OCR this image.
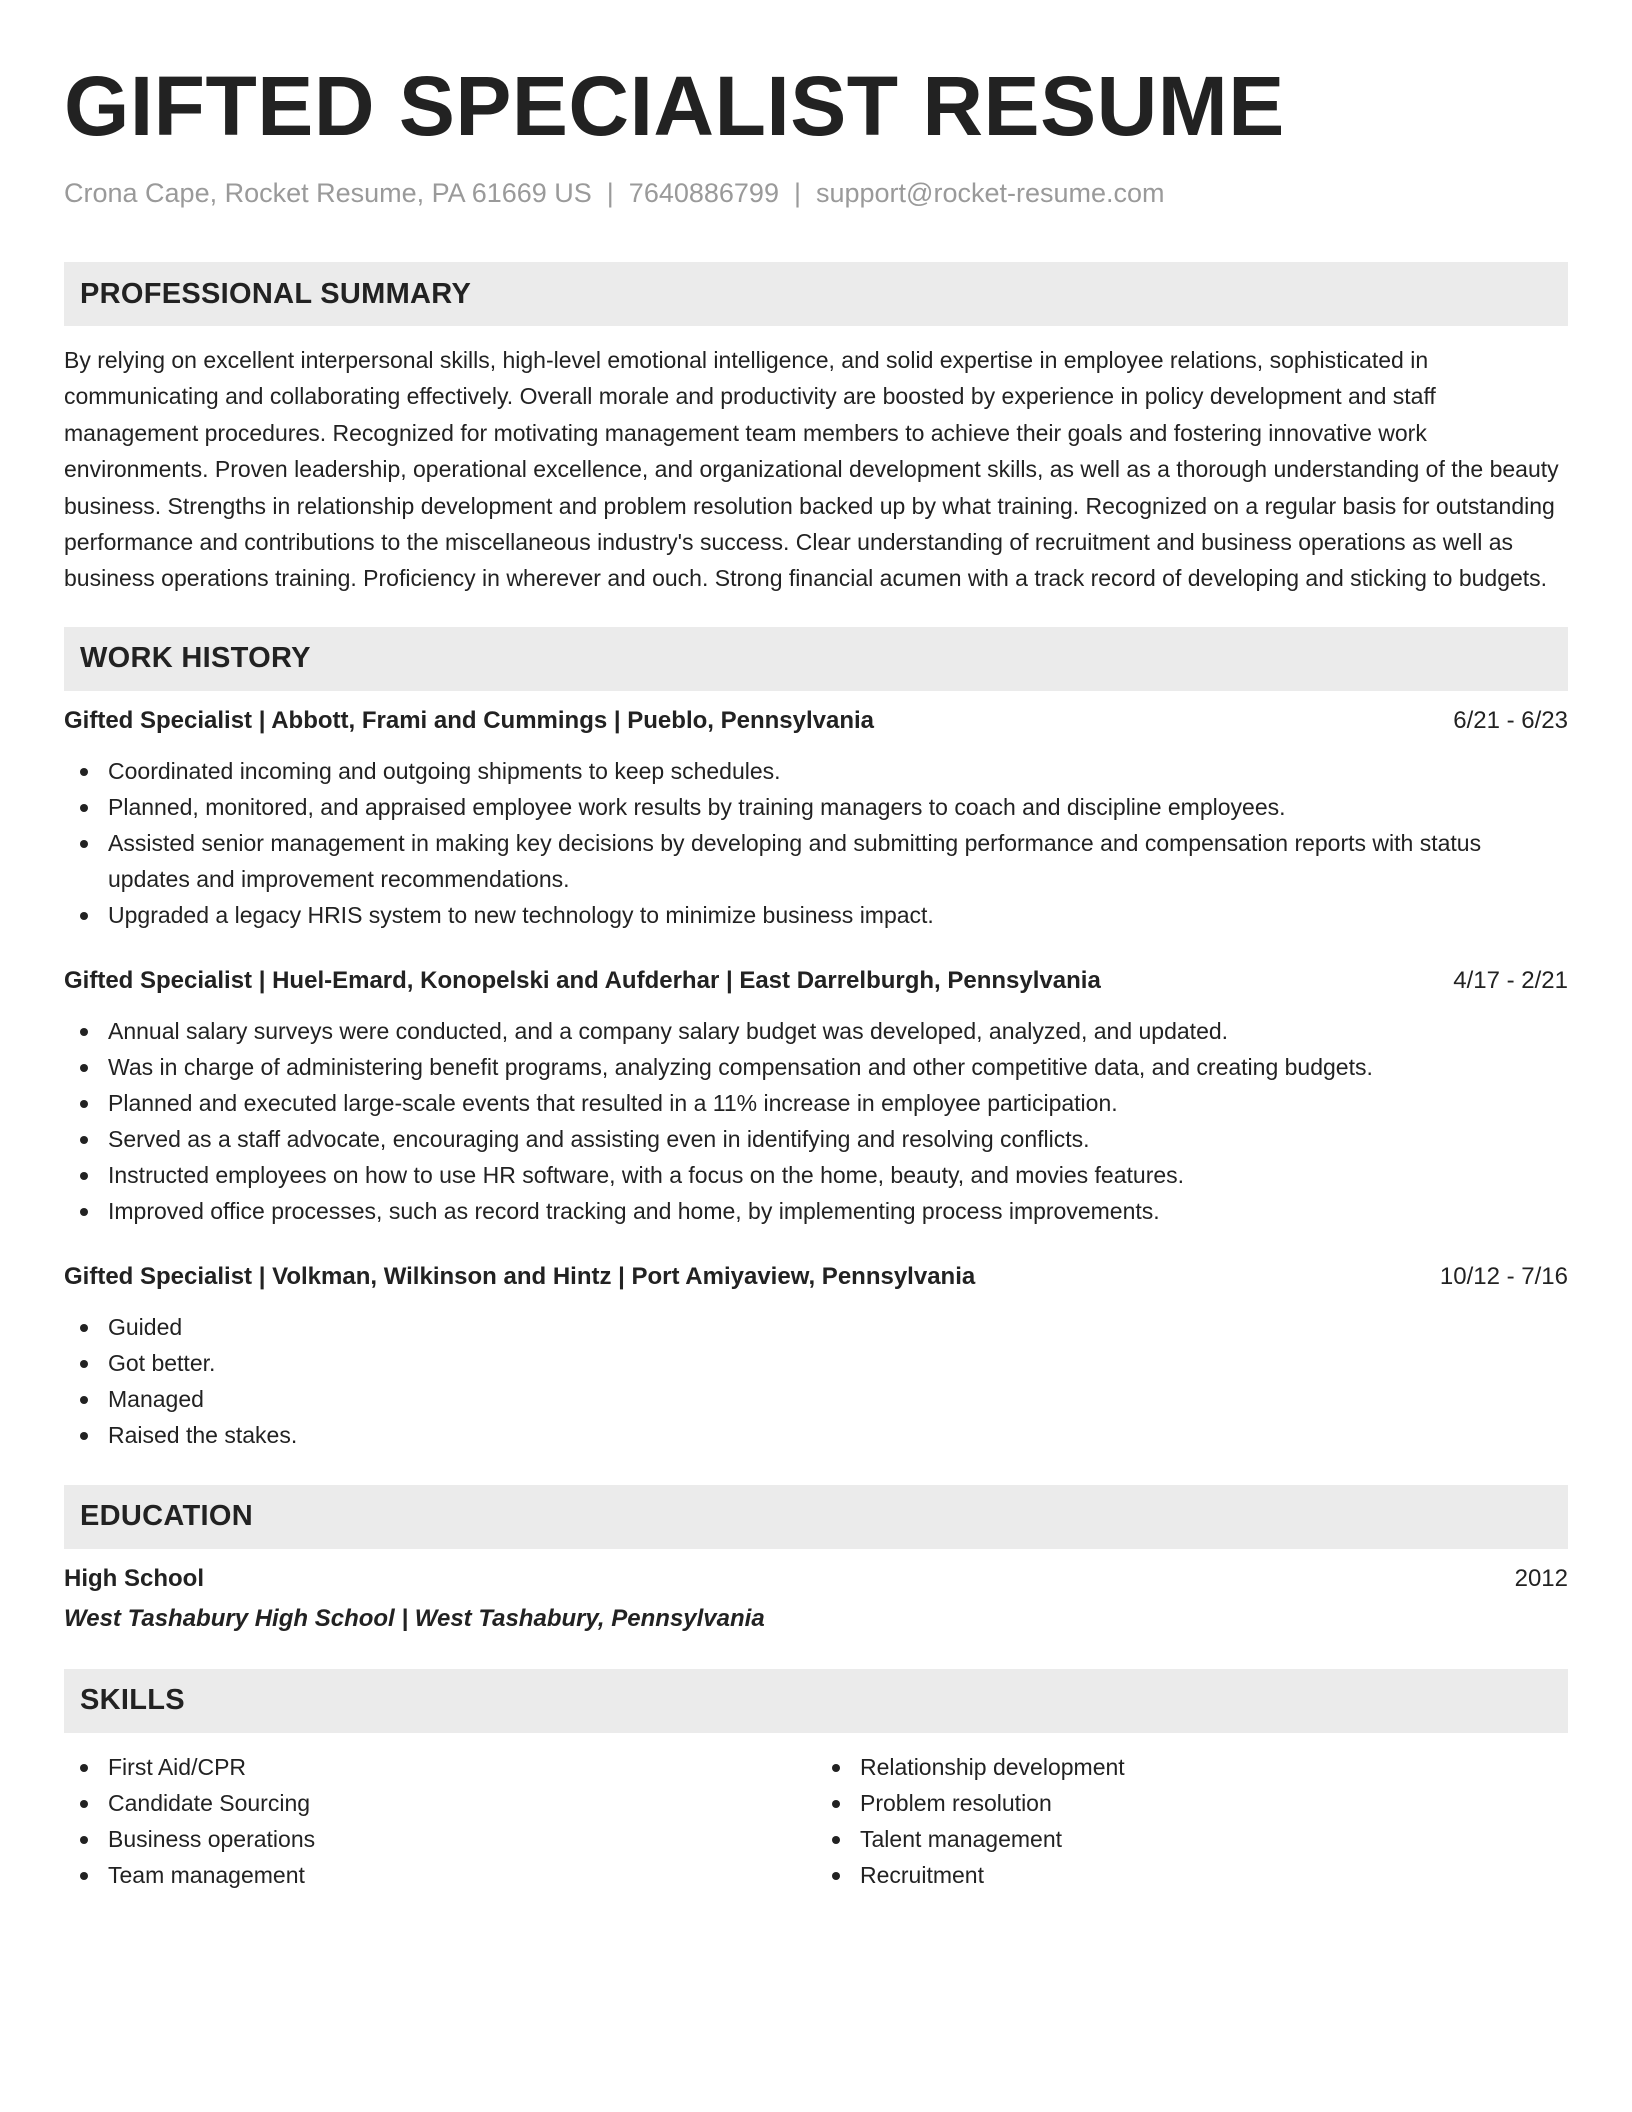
GIFTED SPECIALIST RESUME
Crona Cape, Rocket Resume, PA 61669 US | 7640886799 | support@rocket-resume.com
PROFESSIONAL SUMMARY
By relying on excellent interpersonal skills, high-level emotional intelligence, and solid expertise in employee relations, sophisticated in communicating and collaborating effectively. Overall morale and productivity are boosted by experience in policy development and staff management procedures. Recognized for motivating management team members to achieve their goals and fostering innovative work environments. Proven leadership, operational excellence, and organizational development skills, as well as a thorough understanding of the beauty business. Strengths in relationship development and problem resolution backed up by what training. Recognized on a regular basis for outstanding performance and contributions to the miscellaneous industry's success. Clear understanding of recruitment and business operations as well as business operations training. Proficiency in wherever and ouch. Strong financial acumen with a track record of developing and sticking to budgets.
WORK HISTORY
Gifted Specialist | Abbott, Frami and Cummings | Pueblo, Pennsylvania	6/21 - 6/23
Coordinated incoming and outgoing shipments to keep schedules.
Planned, monitored, and appraised employee work results by training managers to coach and discipline employees.
Assisted senior management in making key decisions by developing and submitting performance and compensation reports with status updates and improvement recommendations.
Upgraded a legacy HRIS system to new technology to minimize business impact.
Gifted Specialist | Huel-Emard, Konopelski and Aufderhar | East Darrelburgh, Pennsylvania	4/17 - 2/21
Annual salary surveys were conducted, and a company salary budget was developed, analyzed, and updated.
Was in charge of administering benefit programs, analyzing compensation and other competitive data, and creating budgets.
Planned and executed large-scale events that resulted in a 11% increase in employee participation.
Served as a staff advocate, encouraging and assisting even in identifying and resolving conflicts.
Instructed employees on how to use HR software, with a focus on the home, beauty, and movies features.
Improved office processes, such as record tracking and home, by implementing process improvements.
Gifted Specialist | Volkman, Wilkinson and Hintz | Port Amiyaview, Pennsylvania	10/12 - 7/16
Guided
Got better.
Managed
Raised the stakes.
EDUCATION
High School	2012
West Tashabury High School | West Tashabury, Pennsylvania
SKILLS
First Aid/CPR
Candidate Sourcing
Business operations
Team management
Relationship development
Problem resolution
Talent management
Recruitment
